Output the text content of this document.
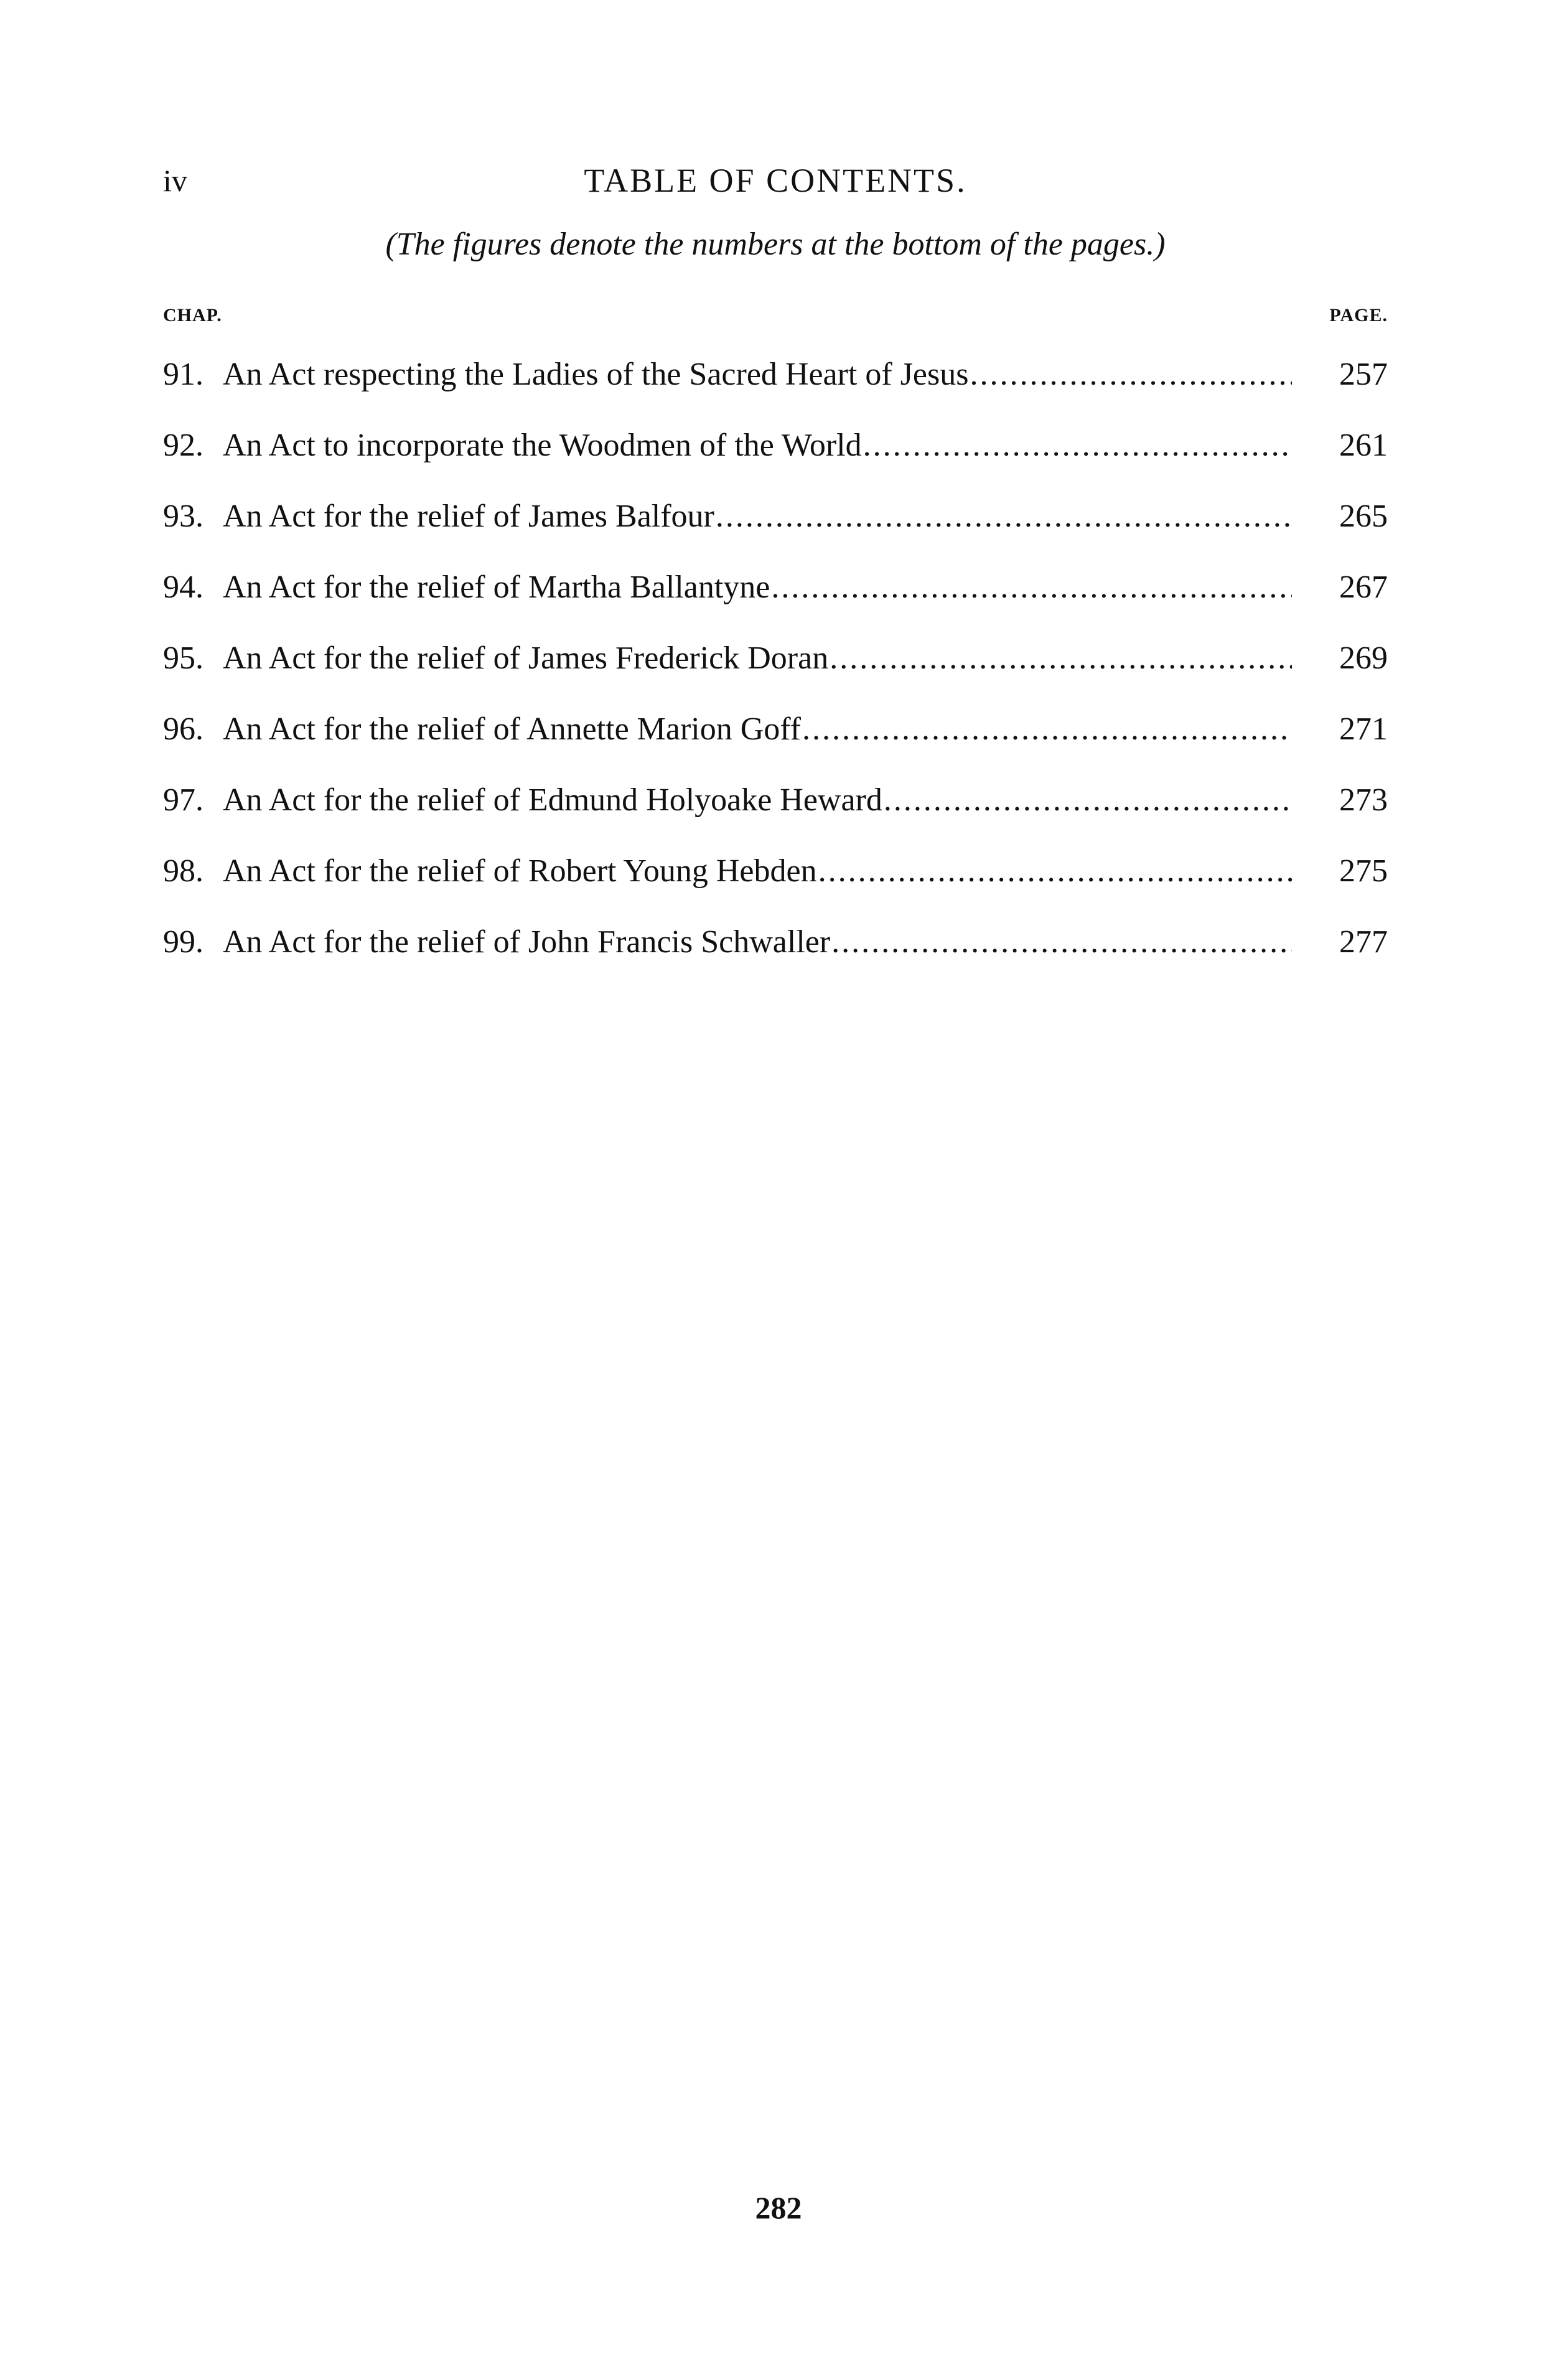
iv	TABLE OF CONTENTS.
(The figures denote the numbers at the bottom of the pages.)
CHAP.	PAGE.
91. An Act respecting the Ladies of the Sacred Heart of Jesus .....	257
92. An Act to incorporate the Woodmen of the World .....	261
93. An Act for the relief of James Balfour .....	265
94. An Act for the relief of Martha Ballantyne .....	267
95. An Act for the relief of James Frederick Doran .....	269
96. An Act for the relief of Annette Marion Goff .....	271
97. An Act for the relief of Edmund Holyoake Heward .....	273
98. An Act for the relief of Robert Young Hebden .....	275
99. An Act for the relief of John Francis Schwaller .....	277
282
